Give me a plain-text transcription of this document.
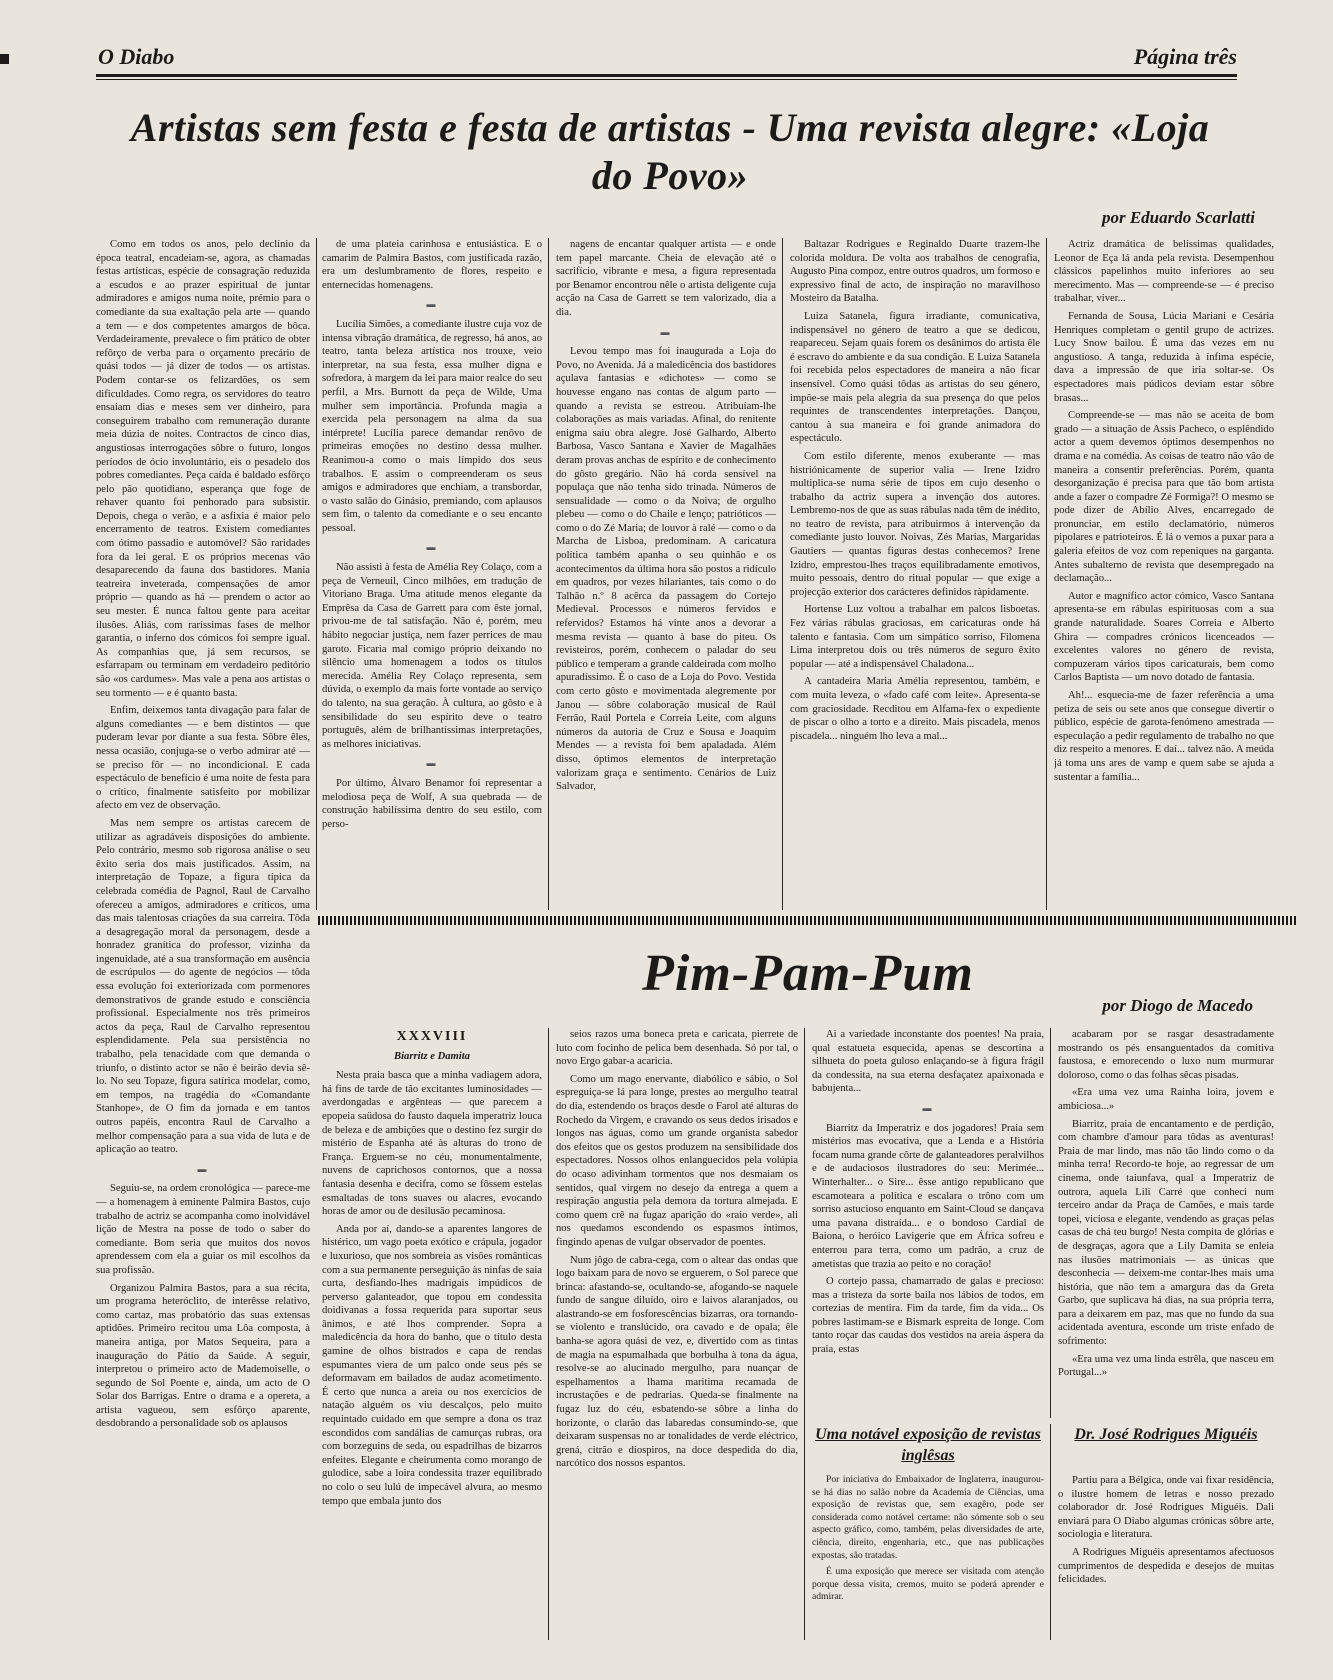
O Diabo	Página três
Artistas sem festa e festa de artistas - Uma revista alegre: «Loja do Povo»
por Eduardo Scarlatti

Como em todos os anos, pelo declínio da época teatral, encadeiam-se, agora, as chamadas festas artísticas, espécie de consagração reduzida a escudos e ao prazer espiritual de juntar admiradores e amigos numa noite, prémio para o comediante da sua exaltação pela arte — quando a tem — e dos competentes amargos de bôca. Verdadeiramente, prevalece o fim prático de obter refôrço de verba para o orçamento precário de quási todos — já dizer de todos — os artistas. Podem contar-se os felizardões, os sem dificuldades. Como regra, os servidores do teatro ensaiam dias e meses sem ver dinheiro, para conseguirem trabalho com remuneração durante meia dúzia de noites. Contractos de cinco dias, angustiosas interrogações sôbre o futuro, longos períodos de ócio involuntário, eis o pesadelo dos pobres comediantes. Peça caída é baldado esfôrço pelo pão quotidiano, esperança que foge de rehaver quanto foi penhorado para subsistir. Depois, chega o verão, e a asfixia é maior pelo encerramento de teatros. Existem comediantes com ótimo passadio e automóvel? São raridades fora da lei geral. E os próprios mecenas vão desaparecendo da fauna dos bastidores. Mania teatreira inveterada, compensações de amor próprio — quando as há — prendem o actor ao seu mester. É nunca faltou gente para aceitar ilusões. Aliás, com raríssimas fases de melhor garantia, o inferno dos cómicos foi sempre igual. As companhias que, já sem recursos, se esfarrapam ou terminam em verdadeiro peditório são «os cardumes». Mas vale a pena aos artistas o seu tormento — e é quanto basta.

Enfim, deixemos tanta divagação para falar de alguns comediantes — e bem distintos — que puderam levar por diante a sua festa. Sôbre êles, nessa ocasião, conjuga-se o verbo admirar até — se preciso fôr — no incondicional. E cada espectáculo de benefício é uma noite de festa para o crítico, finalmente satisfeito por mobilizar afecto em vez de observação.

Mas nem sempre os artistas carecem de utilizar as agradáveis disposições do ambiente. Pelo contrário, mesmo sob rigorosa análise o seu êxito seria dos mais justificados. Assim, na interpretação de Topaze, a figura típica da celebrada comédia de Pagnol, Raul de Carvalho ofereceu a amigos, admiradores e críticos, uma das mais talentosas criações da sua carreira. Tôda a desagregação moral da personagem, desde a honradez granítica do professor, vizinha da ingenuidade, até a sua transformação em ausência de escrúpulos — do agente de negócios — tôda essa evolução foi exteriorizada com pormenores demonstrativos de grande estudo e consciência profissional. Especialmente nos três primeiros actos da peça, Raul de Carvalho representou esplendidamente. Pela sua persistência no trabalho, pela tenacidade com que demanda o triunfo, o distinto actor se não é beirão devia sê-lo. No seu Topaze, figura satírica modelar, como, em tempos, na tragédia do «Comandante Stanhope», de O fim da jornada e em tantos outros papéis, encontra Raul de Carvalho a melhor compensação para a sua vida de luta e de aplicação ao teatro.

▬

Seguiu-se, na ordem cronológica — parece-me — a homenagem à eminente Palmira Bastos, cujo trabalho de actriz se acompanha como inolvidável lição de Mestra na posse de todo o saber do comediante. Bom seria que muitos dos novos aprendessem com ela a guiar os mil escolhos da sua profissão.

Organizou Palmira Bastos, para a sua récita, um programa heteróclito, de interêsse relativo, como cartaz, mas probatório das suas extensas aptidões. Primeiro recitou uma Lôa composta, à maneira antiga, por Matos Sequeira, para a inauguração do Pátio da Saúde. A seguir, interpretou o primeiro acto de Mademoiselle, o segundo de Sol Poente e, ainda, um acto de O Solar dos Barrigas. Entre o drama e a opereta, a artista vagueou, sem esfôrço aparente, desdobrando a personalidade sob os aplausos

de uma plateia carinhosa e entusiástica. E o camarim de Palmira Bastos, com justificada razão, era um deslumbramento de flores, respeito e enternecidas homenagens.

▬

Lucília Simões, a comediante ilustre cuja voz de intensa vibração dramática, de regresso, há anos, ao teatro, tanta beleza artística nos trouxe, veio interpretar, na sua festa, essa mulher digna e sofredora, à margem da lei para maior realce do seu perfil, a Mrs. Burnott da peça de Wilde, Uma mulher sem importância. Profunda magia a exercida pela personagem na alma da sua intérprete! Lucília parece demandar renôvo de primeiras emoções no destino dessa mulher. Reanimou-a como o mais límpido dos seus trabalhos. E assim o compreenderam os seus amigos e admiradores que enchiam, a transbordar, o vasto salão do Ginásio, premiando, com aplausos sem fim, o talento da comediante e o seu encanto pessoal.

▬

Não assisti à festa de Amélia Rey Colaço, com a peça de Verneuil, Cinco milhões, em tradução de Vitoriano Braga. Uma atitude menos elegante da Emprêsa da Casa de Garrett para com êste jornal, privou-me de tal satisfação. Não é, porém, meu hábito negociar justiça, nem fazer perrices de mau garoto. Ficaria mal comigo próprio deixando no silêncio uma homenagem a todos os títulos merecida. Amélia Rey Colaço representa, sem dúvida, o exemplo da mais forte vontade ao serviço do talento, na sua geração. À cultura, ao gôsto e à sensibilidade do seu espírito deve o teatro português, além de brilhantíssimas interpretações, as melhores iniciativas.

▬

Por último, Álvaro Benamor foi representar a melodiosa peça de Wolf, A sua quebrada — de construção habilíssima dentro do seu estilo, com perso-

nagens de encantar qualquer artista — e onde tem papel marcante. Cheia de elevação até o sacrifício, vibrante e mesa, a figura representada por Benamor encontrou nêle o artista deligente cuja acção na Casa de Garrett se tem valorizado, dia a dia.

▬

Levou tempo mas foi inaugurada a Loja do Povo, no Avenida. Já a maledicência dos bastidores açulava fantasias e «dichotes» — como se houvesse engano nas contas de algum parto — quando a revista se estreou. Atribuíam-lhe colaborações as mais variadas. Afinal, do renitente enigma saiu obra alegre. José Galhardo, Alberto Barbosa, Vasco Santana e Xavier de Magalhães deram provas anchas de espírito e de conhecimento do gôsto gregário. Não há corda sensível na populaça que não tenha sido trinada. Números de sensualidade — como o da Noiva; de orgulho plebeu — como o do Chaile e lenço; patrióticos — como o do Zé Maria; de louvor à ralé — como o da Marcha de Lisboa, predominam. A caricatura política também apanha o seu quinhão e os acontecimentos da última hora são postos a ridículo em quadros, por vezes hilariantes, tais como o do Talhão n.º 8 acêrca da passagem do Cortejo Medieval. Processos e números fervidos e refervidos? Estamos há vinte anos a devorar a mesma revista — quanto à base do piteu. Os revisteiros, porém, conhecem o paladar do seu público e temperam a grande caldeirada com molho apuradíssimo. É o caso de a Loja do Povo. Vestida com certo gôsto e movimentada alegremente por Janou — sôbre colaboração musical de Raúl Ferrão, Raúl Portela e Correia Leite, com alguns números da autoria de Cruz e Sousa e Joaquim Mendes — a revista foi bem apaladada. Além disso, óptimos elementos de interpretação valorizam graça e sentimento. Cenários de Luiz Salvador,

Baltazar Rodrigues e Reginaldo Duarte trazem-lhe colorida moldura. De volta aos trabalhos de cenografia, Augusto Pina compoz, entre outros quadros, um formoso e expressivo final de acto, de inspiração no maravilhoso Mosteiro da Batalha.

Luiza Satanela, figura irradiante, comunicativa, indispensável no género de teatro a que se dedicou, reapareceu. Sejam quais forem os desânimos do artista êle é escravo do ambiente e da sua condição. E Luiza Satanela foi recebida pelos espectadores de maneira a não ficar insensível. Como quási tôdas as artistas do seu género, impõe-se mais pela alegria da sua presença do que pelos requintes de transcendentes interpretações. Dançou, cantou à sua maneira e foi grande animadora do espectáculo.

Com estilo diferente, menos exuberante — mas histriónicamente de superior valia — Irene Izidro multiplica-se numa série de tipos em cujo desenho o trabalho da actriz supera a invenção dos autores. Lembremo-nos de que as suas rábulas nada têm de inédito, no teatro de revista, para atribuirmos à intervenção da comediante justo louvor. Noivas, Zés Marias, Margaridas Gautiers — quantas figuras destas conhecemos? Irene Izidro, emprestou-lhes traços equilibradamente emotivos, muito pessoais, dentro do ritual popular — que exige a projecção exterior dos carácteres definidos ràpidamente.

Hortense Luz voltou a trabalhar em palcos lisboetas. Fez várias rábulas graciosas, em caricaturas onde há talento e fantasia. Com um simpático sorriso, Filomena Lima interpretou dois ou três números de seguro êxito popular — até a indispensável Chaladona...

A cantadeira Maria Amélia representou, também, e com muita leveza, o «fado café com leite». Apresenta-se com graciosidade. Recditou em Alfama-fex o expediente de piscar o olho a torto e a direito. Mais piscadela, menos piscadela... ninguém lho leva a mal...

Actriz dramática de belíssimas qualidades, Leonor de Eça lá anda pela revista. Desempenhou clássicos papelinhos muito inferiores ao seu merecimento. Mas — compreende-se — é preciso trabalhar, viver...

Fernanda de Sousa, Lúcia Mariani e Cesária Henriques completam o gentil grupo de actrizes. Lucy Snow bailou. É uma das vezes em nu angustioso. A tanga, reduzida à ínfima espécie, dava a impressão de que iria soltar-se. Os espectadores mais púdicos deviam estar sôbre brasas...

Compreende-se — mas não se aceita de bom grado — a situação de Assis Pacheco, o esplêndido actor a quem devemos óptimos desempenhos no drama e na comédia. As coisas de teatro não vão de maneira a consentir preferências. Porém, quanta desorganização é precisa para que tão bom artista ande a fazer o compadre Zé Formiga?! O mesmo se pode dizer de Abílio Alves, encarregado de pronunciar, em estilo declamatório, números pipolares e patrioteiros. É lá o vemos a puxar para a galeria efeitos de voz com repeniques na garganta. Antes subalterno de revista que desempregado na declamação...

Autor e magnífico actor cómico, Vasco Santana apresenta-se em rábulas espirituosas com a sua grande naturalidade. Soares Correia e Alberto Ghira — compadres crónicos licenceados — excelentes valores no género de revista, compuzeram vários tipos caricaturais, bem como Carlos Baptista — um novo dotado de fantasia.

Ah!... esquecia-me de fazer referência a uma petiza de seis ou sete anos que consegue divertir o público, espécie de garota-fenómeno amestrada — especulação a pedir regulamento de trabalho no que diz respeito a menores. E daí... talvez não. A meúda já toma uns ares de vamp e quem sabe se ajuda a sustentar a família...

Pim-Pam-Pum
por Diogo de Macedo

XXXVIII

Biarritz e Damita

Nesta praia basca que a minha vadiagem adora, há fins de tarde de tão excitantes luminosidades — averdongadas e argênteas — que parecem a epopeia saüdosa do fausto daquela imperatriz louca de beleza e de ambições que o destino fez surgir do mistério de Espanha até às alturas do trono de França. Erguem-se no céu, monumentalmente, nuvens de caprichosos contornos, que a nossa fantasia desenha e decifra, como se fôssem estelas esmaltadas de tons suaves ou alacres, evocando horas de amor ou de desilusão pecaminosa.

Anda por aí, dando-se a aparentes langores de histérico, um vago poeta exótico e crápula, jogador e luxurioso, que nos sombreia as visões românticas com a sua permanente perseguição às ninfas de saia curta, desfiando-lhes madrigais impúdicos de perverso galanteador, que topou em condessita doidivanas a fossa requerida para suportar seus ânimos, e até lhos comprender. Sopra a maledicência da hora do banho, que o título desta gamine de olhos bistrados e capa de rendas espumantes viera de um palco onde seus pés se deformavam em bailados de audaz acometimento. É certo que nunca a areia ou nos exercícios de natação alguém os viu descalços, pelo muito requintado cuidado em que sempre a dona os traz escondidos com sandálias de camurças rubras, ora com borzeguins de seda, ou espadrilhas de bizarros enfeites. Elegante e cheirumenta como morango de gulodice, sabe a loira condessita trazer equilibrado no colo o seu lulú de impecável alvura, ao mesmo tempo que embala junto dos

seios razos uma boneca preta e caricata, pierrete de luto com focinho de pelica bem desenhada. Só por tal, o novo Ergo gabar-a acaricia.

Como um mago enervante, diabólico e sábio, o Sol espreguiça-se lá para longe, prestes ao mergulho teatral do dia, estendendo os braços desde o Farol até alturas do Rochedo da Virgem, e cravando os seus dedos irisados e longos nas águas, como um grande organista sabedor dos efeitos que os gestos produzem na sensibilidade dos espectadores. Nossos olhos enlanguecidos pela volúpia do ocaso adivinham tormentos que nos desmaiam os sentidos, qual virgem no desejo da entrega a quem a respiração angustia pela demora da tortura almejada. E como quem crê na fugaz aparição do «raio verde», ali nos quedamos escondendo os espasmos íntimos, fingindo apenas de vulgar observador de poentes.

Num jôgo de cabra-cega, com o altear das ondas que logo baixam para de novo se erguerem, o Sol parece que brinca: afastando-se, ocultando-se, afogando-se naquele fundo de sangue diluído, oiro e laivos alaranjados, ou alastrando-se em fosforescências bizarras, ora tornando-se violento e translúcido, ora cavado e de opala; êle banha-se agora quási de vez, e, divertido com as tintas de magia na espumalhada que borbulha à tona da água, resolve-se ao alucinado mergulho, para nuançar de espelhamentos a lhama maritima recamada de incrustações e de pedrarias. Queda-se finalmente na fugaz luz do céu, esbatendo-se sôbre a linha do horizonte, o clarão das labaredas consumindo-se, que deixaram suspensas no ar tonalidades de verde eléctrico, grená, citrão e diospiros, na doce despedida do dia, narcótico dos nossos espantos.

Ai a variedade inconstante dos poentes! Na praia, qual estatueta esquecida, apenas se descortina a silhueta do poeta guloso enlaçando-se à figura frágil da condessita, na sua eterna desfaçatez apaixonada e babujenta...

▬

Biarritz da Imperatriz e dos jogadores! Praia sem mistérios mas evocativa, que a Lenda e a História focam numa grande côrte de galanteadores peralvilhos e de audaciosos ilustradores do seu: Merimée... Winterhalter... o Sire... êsse antigo republicano que escamoteara a política e escalara o trôno com um sorriso astucioso enquanto em Saint-Cloud se dançava uma pavana distraída... e o bondoso Cardial de Baiona, o heróico Lavigerie que em África sofreu e enterrou para terra, como um padrão, a cruz de ametistas que trazia ao peito e no coração!

O cortejo passa, chamarrado de galas e precioso: mas a tristeza da sorte baila nos lábios de todos, em cortezias de mentira. Fim da tarde, fim da vida... Os pobres lastimam-se e Bismark espreita de longe. Com tanto roçar das caudas dos vestidos na areia áspera da praia, estas

acabaram por se rasgar desastradamente mostrando os pés ensanguentados da comitiva faustosa, e emorecendo o luxo num murmurar doloroso, como o das folhas sêcas pisadas.

«Era uma vez uma Rainha loira, jovem e ambiciosa...»

Biarritz, praia de encantamento e de perdição, com chambre d'amour para tôdas as aventuras! Praia de mar lindo, mas não tão lindo como o da minha terra! Recordo-te hoje, ao regressar de um cinema, onde taiunfava, qual a Imperatriz de outrora, aquela Lili Carré que conheci num terceiro andar da Praça de Camões, e mais tarde topei, viciosa e elegante, vendendo as graças pelas casas de chá teu burgo! Nesta compita de glórias e de desgraças, agora que a Lily Damita se enleia nas ilusões matrimoniais — as únicas que desconhecia — deixem-me contar-lhes mais uma história, que não tem a amargura das da Greta Garbo, que suplicava há dias, na sua própria terra, para a deixarem em paz, mas que no fundo da sua acidentada aventura, esconde um triste enfado de sofrimento:

«Era uma vez uma linda estrêla, que nasceu em Portugal...»

Uma notável exposição de revistas inglêsas

Por iniciativa do Embaixador de Inglaterra, inaugurou-se há dias no salão nobre da Academia de Ciências, uma exposição de revistas que, sem exagêro, pode ser considerada como notável certame: não sómente sob o seu aspecto gráfico, como, também, pelas diversidades de arte, ciência, direito, engenharia, etc., que nas publicações expostas, são tratadas.

É uma exposição que merece ser visitada com atenção porque dessa visita, cremos, muito se poderá aprender e admirar.

Dr. José Rodrigues Miguéis

Partiu para a Bélgica, onde vai fixar residência, o ilustre homem de letras e nosso prezado colaborador dr. José Rodrigues Miguéis. Dali enviará para O Diabo algumas crónicas sôbre arte, sociologia e literatura.

A Rodrigues Miguéis apresentamos afectuosos cumprimentos de despedida e desejos de muitas felicidades.
